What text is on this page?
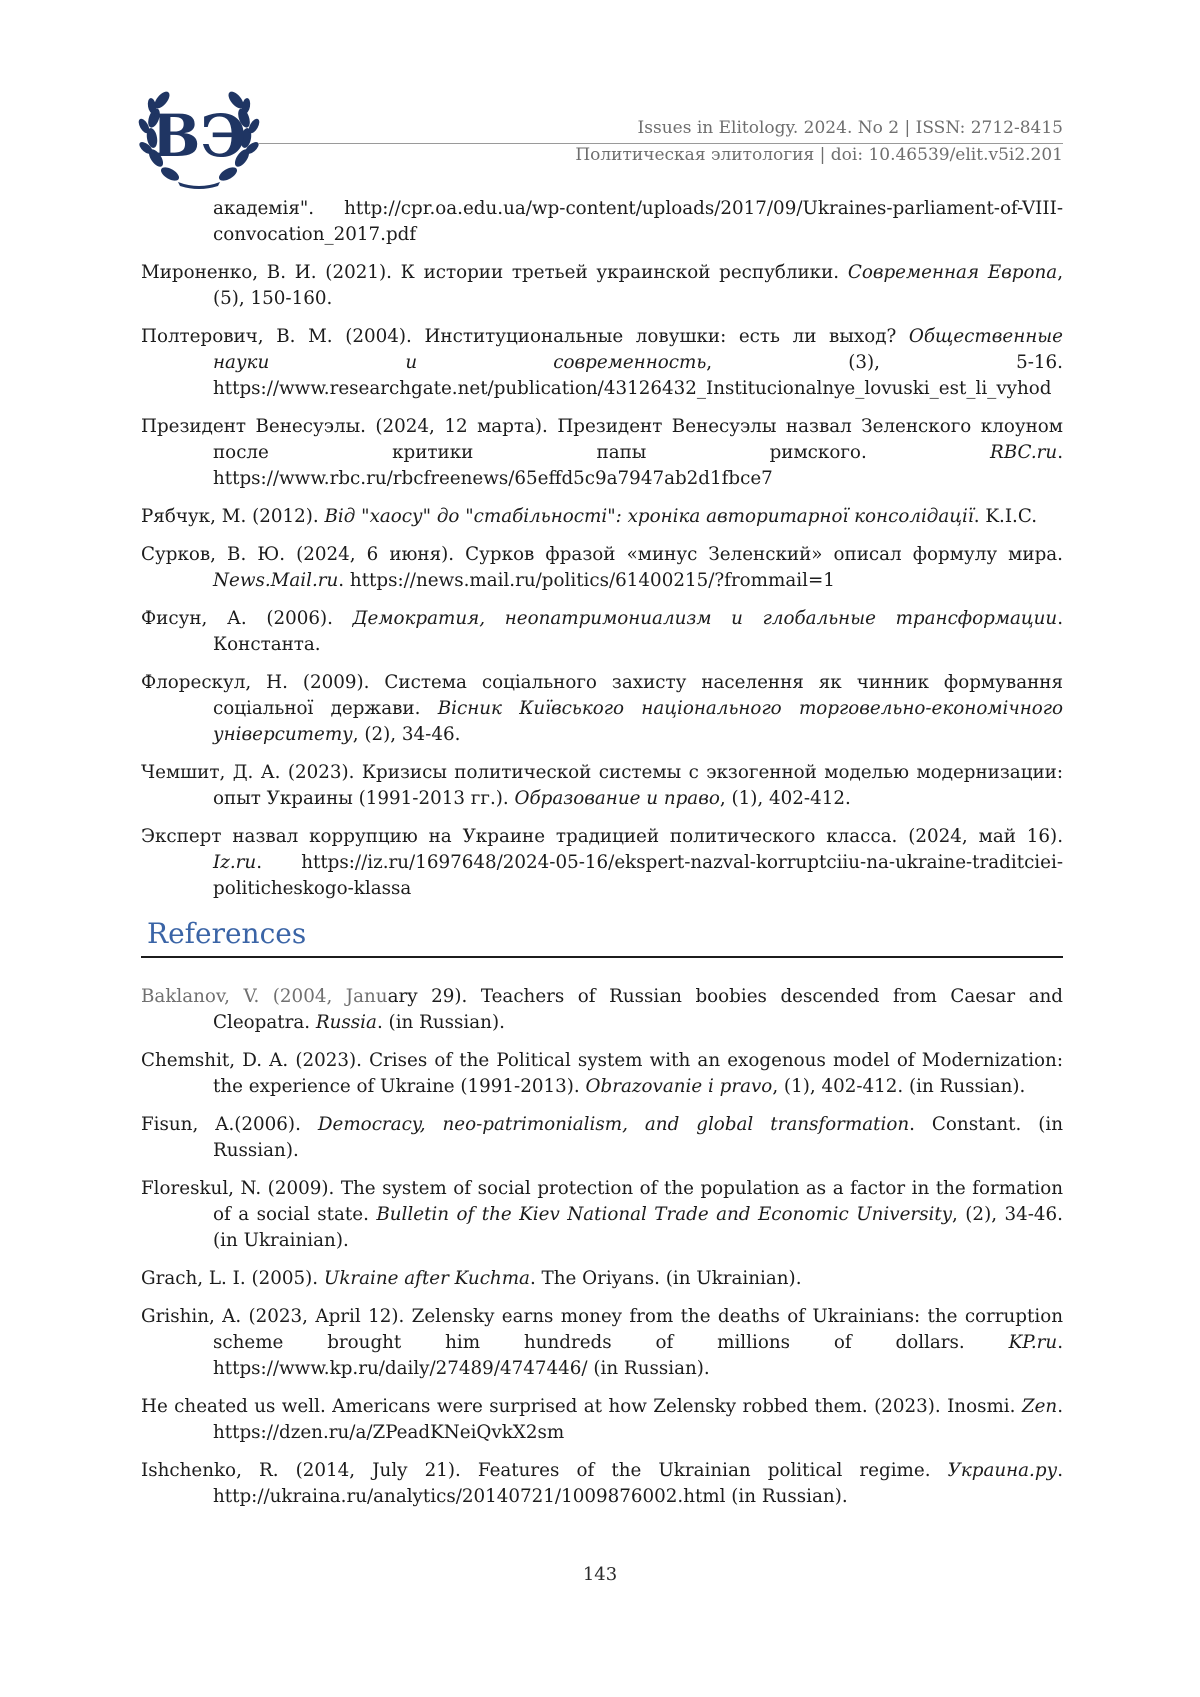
ВЭ	Issues in Elitology. 2024. No 2 | ISSN: 2712-8415
Политическая элитология | doi: 10.46539/elit.v5i2.201

академія". http://cpr.oa.edu.ua/wp-content/uploads/2017/09/Ukraines-parliament-of-VIII-convocation_2017.pdf

Мироненко, В. И. (2021). К истории третьей украинской республики. Современная Европа, (5), 150-160.

Полтерович, В. М. (2004). Институциональные ловушки: есть ли выход? Общественные науки и современность, (3), 5-16. https://www.researchgate.net/publication/43126432_Institucionalnye_lovuski_est_li_vyhod

Президент Венесуэлы. (2024, 12 марта). Президент Венесуэлы назвал Зеленского клоуном после критики папы римского. RBC.ru. https://www.rbc.ru/rbcfreenews/65effd5c9a7947ab2d1fbce7

Рябчук, М. (2012). Від "хаосу" до "стабільності": хроніка авторитарної консолідації. K.I.C.

Сурков, В. Ю. (2024, 6 июня). Сурков фразой «минус Зеленский» описал формулу мира. News.Mail.ru. https://news.mail.ru/politics/61400215/?frommail=1

Фисун, А. (2006). Демократия, неопатримониализм и глобальные трансформации. Константа.

Флорескул, Н. (2009). Система соціального захисту населення як чинник формування соціальної держави. Вісник Київського національного торговельно-економічного університету, (2), 34-46.

Чемшит, Д. А. (2023). Кризисы политической системы с экзогенной моделью модернизации: опыт Украины (1991-2013 гг.). Образование и право, (1), 402-412.

Эксперт назвал коррупцию на Украине традицией политического класса. (2024, май 16). Iz.ru. https://iz.ru/1697648/2024-05-16/ekspert-nazval-korruptciiu-na-ukraine-traditciei-politicheskogo-klassa

References

Baklanov, V. (2004, January 29). Teachers of Russian boobies descended from Caesar and Cleopatra. Russia. (in Russian).

Chemshit, D. A. (2023). Crises of the Political system with an exogenous model of Modernization: the experience of Ukraine (1991-2013). Obrazovanie i pravo, (1), 402-412. (in Russian).

Fisun, A.(2006). Democracy, neo-patrimonialism, and global transformation. Constant. (in Russian).

Floreskul, N. (2009). The system of social protection of the population as a factor in the formation of a social state. Bulletin of the Kiev National Trade and Economic University, (2), 34-46. (in Ukrainian).

Grach, L. I. (2005). Ukraine after Kuchma. The Oriyans. (in Ukrainian).

Grishin, A. (2023, April 12). Zelensky earns money from the deaths of Ukrainians: the corruption scheme brought him hundreds of millions of dollars. KP.ru. https://www.kp.ru/daily/27489/4747446/ (in Russian).

He cheated us well. Americans were surprised at how Zelensky robbed them. (2023). Inosmi. Zen. https://dzen.ru/a/ZPeadKNeiQvkX2sm

Ishchenko, R. (2014, July 21). Features of the Ukrainian political regime. Украина.ру. http://ukraina.ru/analytics/20140721/1009876002.html (in Russian).

143
